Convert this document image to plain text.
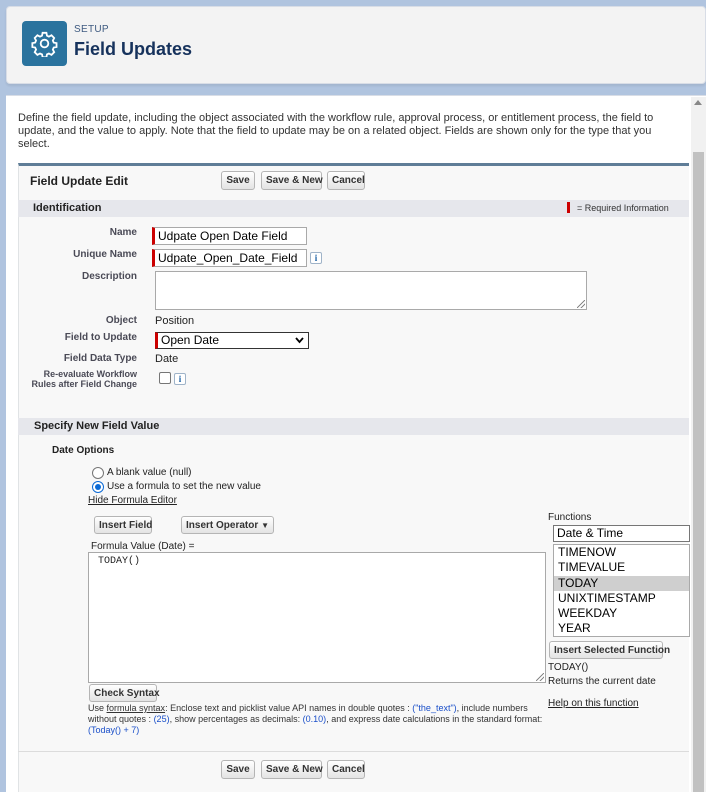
SETUP
Field Updates
Define the field update, including the object associated with the workflow rule, approval process, or entitlement process, the field to update, and the value to apply. Note that the field to update may be on a related object. Fields are shown only for the type that you select.
Field Update Edit	Save	Save & New Cancel
Identification	= Required Information
Name	Udpate Open Date Field
Unique Name	Udpate_Open_Date_Field	i
Description
Object Position
Field to Update	Open Date
Field Data Type Date
Re-evaluate Workflow Rules after Field Change	i
Specify New Field Value
Date Options
A blank value (null)
Use a formula to set the new value
Hide Formula Editor
Insert Field	Insert Operator ▼
Formula Value (Date) =
TODAY()
Check Syntax
Use formula syntax: Enclose text and picklist value API names in double quotes : ("the_text"), include numbers without quotes : (25), show percentages as decimals: (0.10), and express date calculations in the standard format: (Today() + 7)
Functions
Date & Time
TIMENOW
TIMEVALUE
TODAY
UNIXTIMESTAMP
WEEKDAY
YEAR
Insert Selected Function
TODAY()
Returns the current date
Help on this function
Save	Save & New Cancel
